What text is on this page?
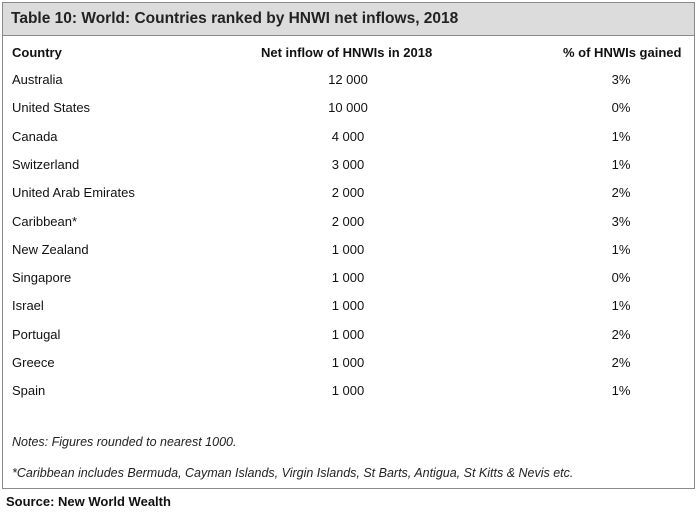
Table 10: World: Countries ranked by HNWI net inflows, 2018
Country	Net inflow of HNWIs in 2018	% of HNWIs gained
Australia	12 000	3%
United States	10 000	0%
Canada	4 000	1%
Switzerland	3 000	1%
United Arab Emirates	2 000	2%
Caribbean*	2 000	3%
New Zealand	1 000	1%
Singapore	1 000	0%
Israel	1 000	1%
Portugal	1 000	2%
Greece	1 000	2%
Spain	1 000	1%
Notes: Figures rounded to nearest 1000.
*Caribbean includes Bermuda, Cayman Islands, Virgin Islands, St Barts, Antigua, St Kitts & Nevis etc.
Source: New World Wealth
